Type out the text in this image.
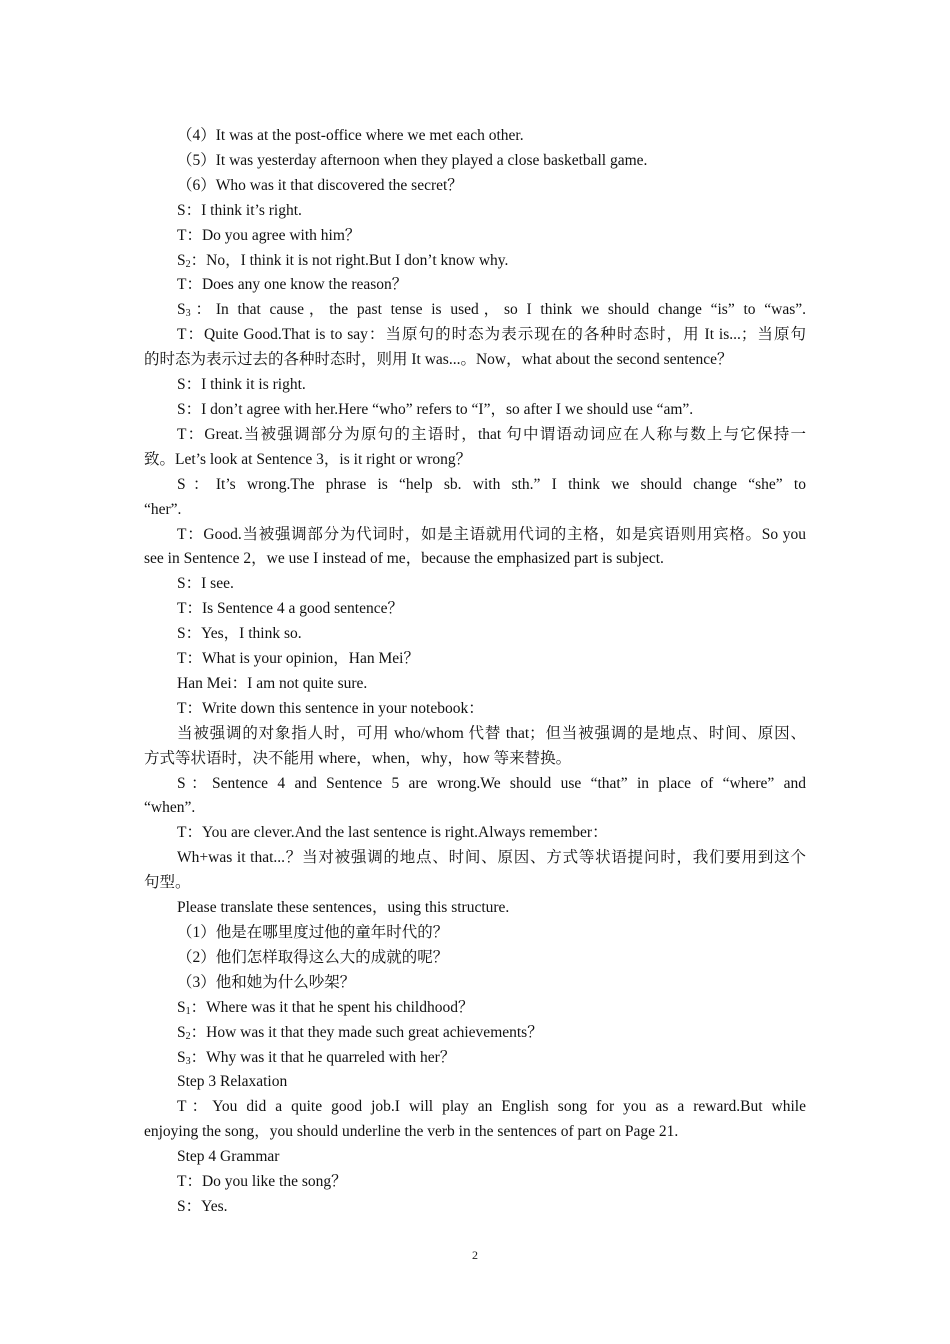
（4）It was at the post-office where we met each other.

（5）It was yesterday afternoon when they played a close basketball game.

（6）Who was it that discovered the secret？

S：I think it’s right.

T：Do you agree with him？

$S_2$：No，I think it is not right.But I don’t know why.

T：Does any one know the reason？

$S_3$：In that cause，the past tense is used，so I think we should change “is” to “was”.

T：Quite Good.That is to say：当原句的时态为表示现在的各种时态时，用 It is...；当原句

的时态为表示过去的各种时态时，则用 It was...。Now，what about the second sentence？

S：I think it is right.

S：I don’t agree with her.Here “who” refers to “I”，so after I we should use “am”.

T：Great.当被强调部分为原句的主语时，that 句中谓语动词应在人称与数上与它保持一

致。Let’s look at Sentence 3，is it right or wrong？

S：It’s wrong.The phrase is “help sb. with sth.” I think we should change “she” to

“her”.

T：Good.当被强调部分为代词时，如是主语就用代词的主格，如是宾语则用宾格。So you

see in Sentence 2，we use I instead of me，because the emphasized part is subject.

S：I see.

T：Is Sentence 4 a good sentence？

S：Yes，I think so.

T：What is your opinion，Han Mei？

Han Mei：I am not quite sure.

T：Write down this sentence in your notebook：

当被强调的对象指人时，可用 who/whom 代替 that；但当被强调的是地点、时间、原因、

方式等状语时，决不能用 where，when，why，how 等来替换。

S：Sentence 4 and Sentence 5 are wrong.We should use “that” in place of “where” and

“when”.

T：You are clever.And the last sentence is right.Always remember：

Wh+was it that...？当对被强调的地点、时间、原因、方式等状语提问时，我们要用到这个

句型。

Please translate these sentences，using this structure.

（1）他是在哪里度过他的童年时代的？

（2）他们怎样取得这么大的成就的呢？

（3）他和她为什么吵架？

$S_1$：Where was it that he spent his childhood？

$S_2$：How was it that they made such great achievements？

$S_3$：Why was it that he quarreled with her？

Step 3 Relaxation

T：You did a quite good job.I will play an English song for you as a reward.But while

enjoying the song，you should underline the verb in the sentences of part on Page 21.

Step 4 Grammar

T：Do you like the song？

S：Yes.

2
